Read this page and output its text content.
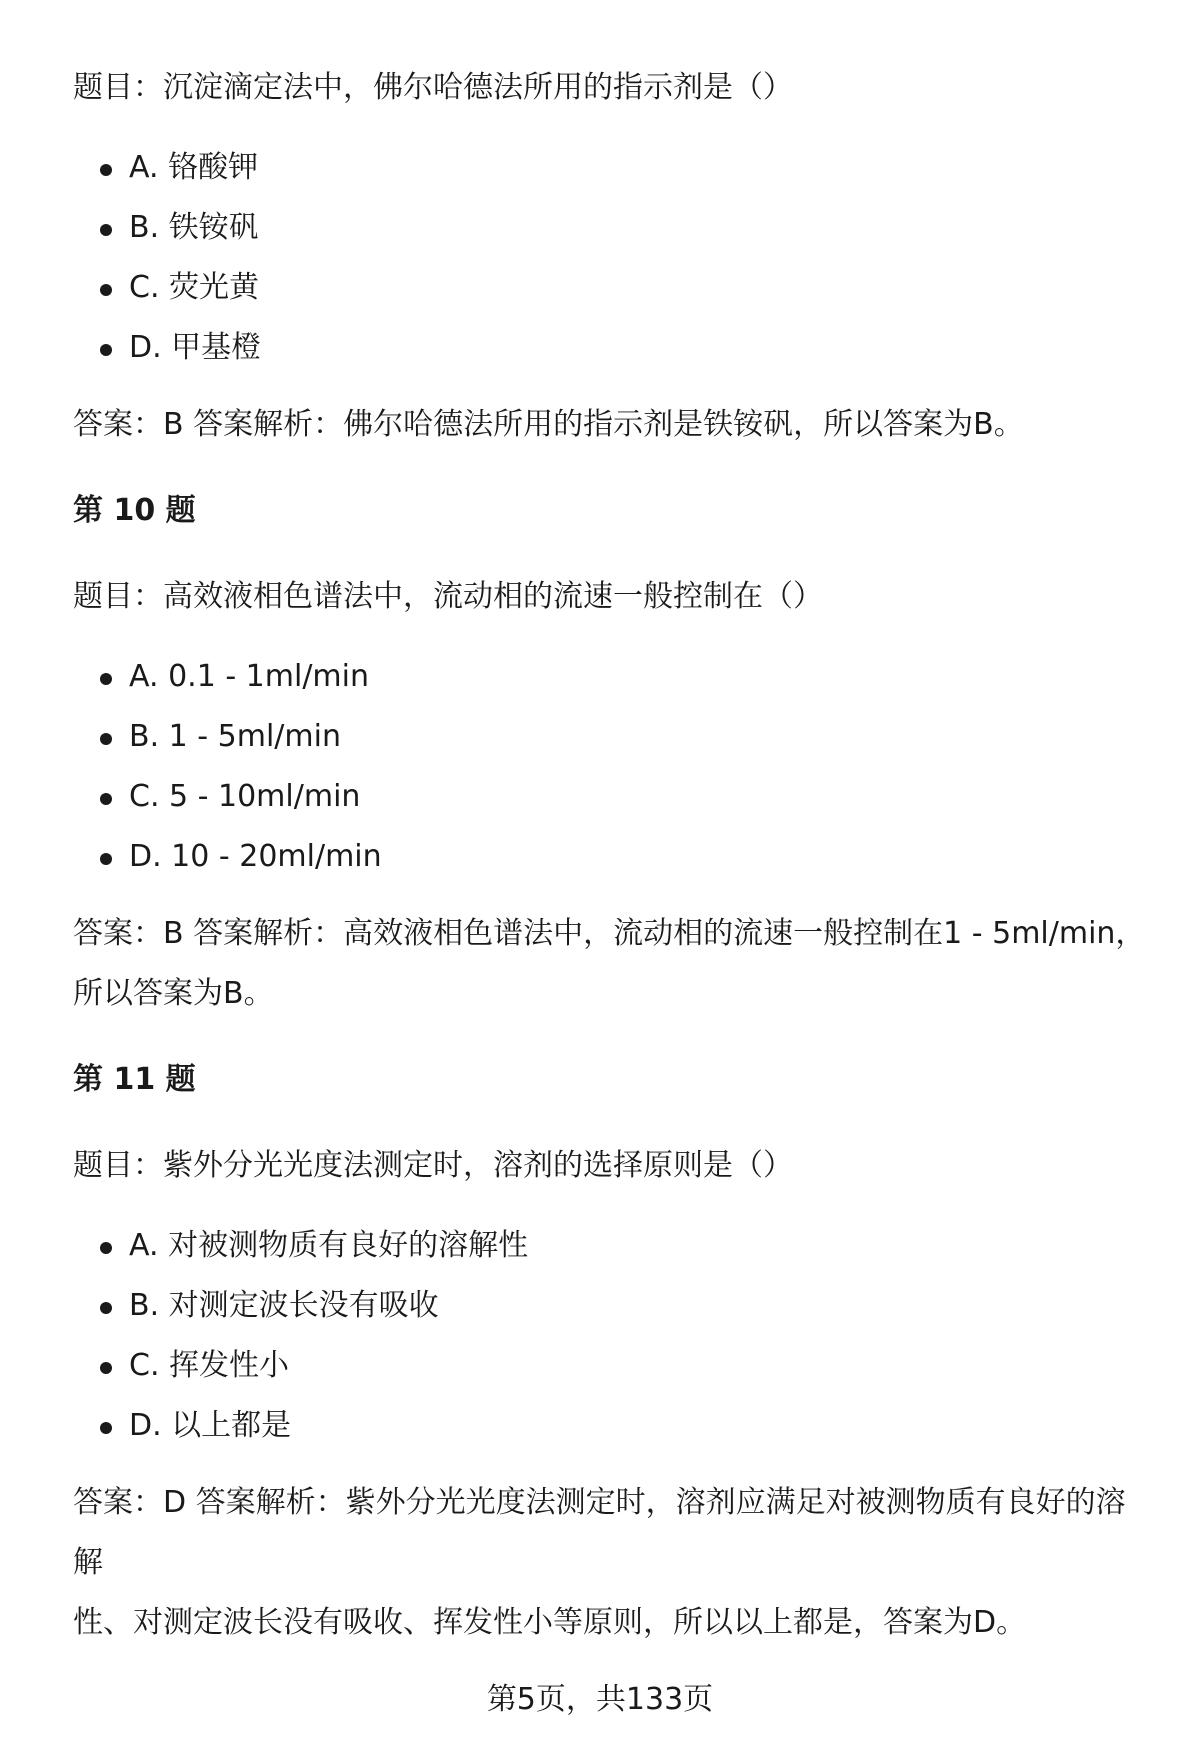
题目：沉淀滴定法中，佛尔哈德法所用的指示剂是（）

A. 铬酸钾
B. 铁铵矾
C. 荧光黄
D. 甲基橙

答案：B 答案解析：佛尔哈德法所用的指示剂是铁铵矾，所以答案为B。

第 10 题

题目：高效液相色谱法中，流动相的流速一般控制在（）

A. 0.1 - 1ml/min
B. 1 - 5ml/min
C. 5 - 10ml/min
D. 10 - 20ml/min
答案：B 答案解析：高效液相色谱法中，流动相的流速一般控制在1 - 5ml/min，
所以答案为B。

第 11 题

题目：紫外分光光度法测定时，溶剂的选择原则是（）

A. 对被测物质有良好的溶解性
B. 对测定波长没有吸收
C. 挥发性小
D. 以上都是
答案：D 答案解析：紫外分光光度法测定时，溶剂应满足对被测物质有良好的溶解
性、对测定波长没有吸收、挥发性小等原则，所以以上都是，答案为D。
第5页，共133页
